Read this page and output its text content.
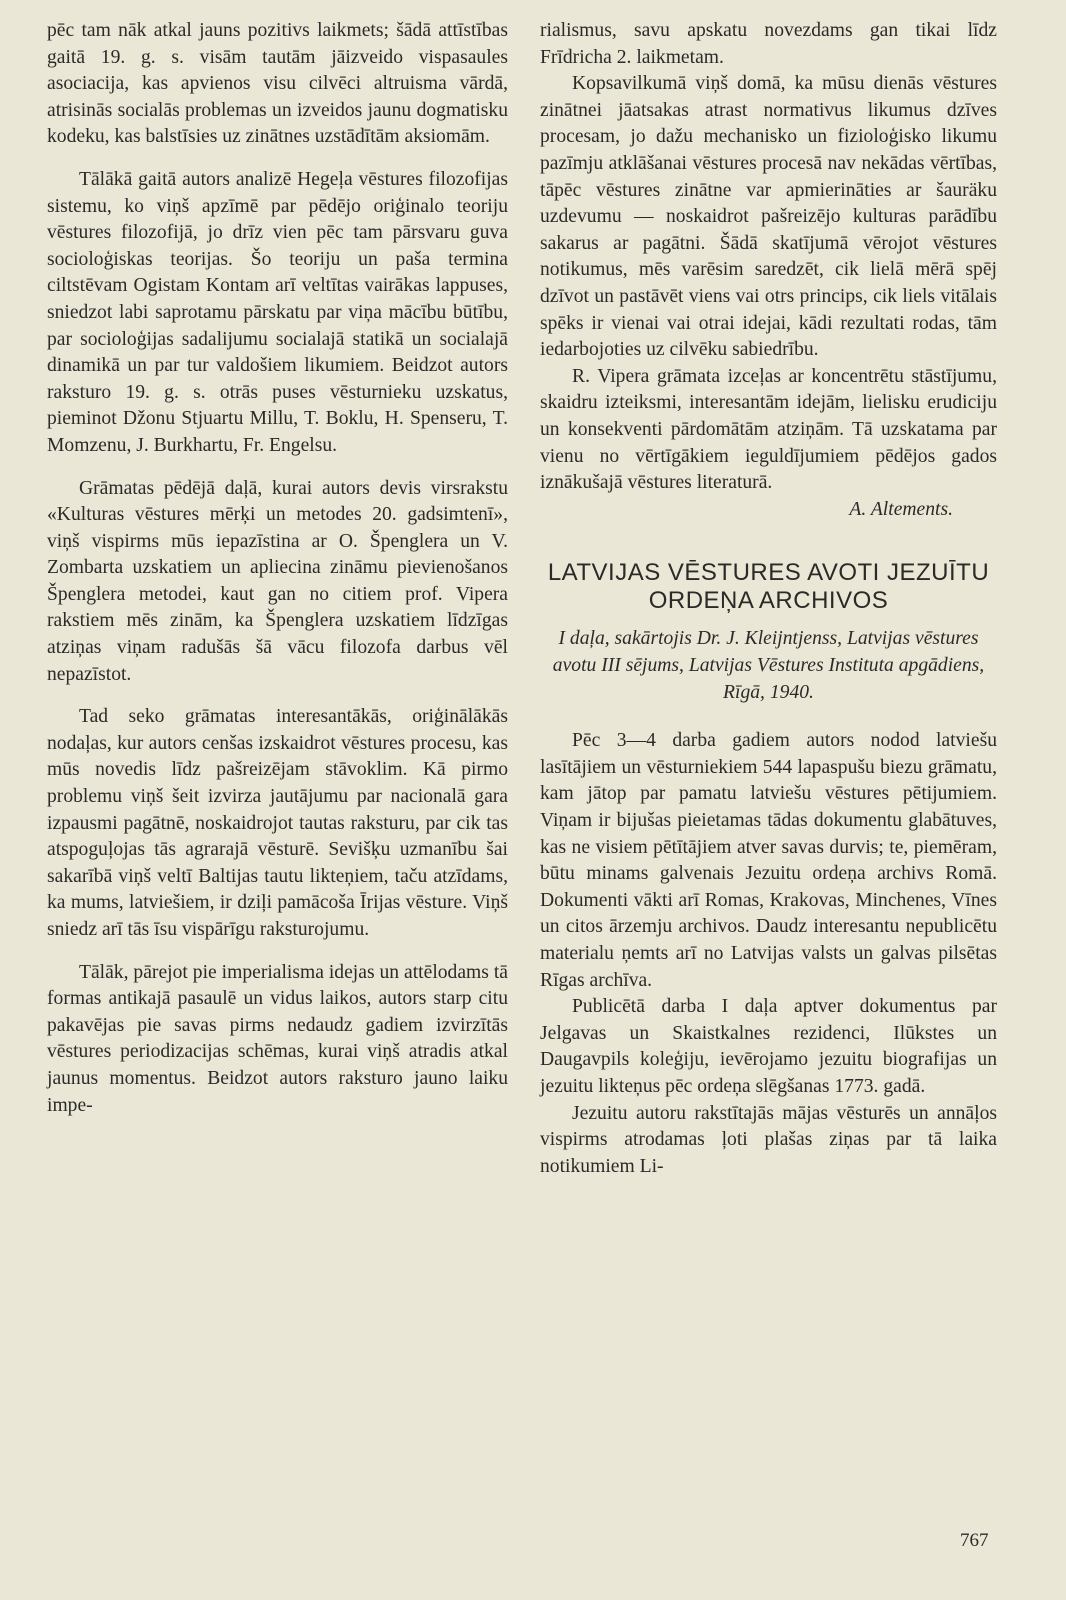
pēc tam nāk atkal jauns pozitivs laikmets; šādā attīstības gaitā 19. g. s. visām tautām jāizveido vispasaules asociacija, kas apvienos visu cilvēci altruisma vārdā, atrisinās socialās problemas un izveidos jaunu dogmatisku kodeku, kas balstīsies uz zinātnes uzstādītām aksiomām.

Tālākā gaitā autors analizē Hegeļa vēstures filozofijas sistemu, ko viņš apzīmē par pēdējo oriģinalo teoriju vēstures filozofijā, jo drīz vien pēc tam pārsvaru guva socioloģiskas teorijas. Šo teoriju un paša termina ciltstēvam Ogistam Kontam arī veltītas vairākas lappuses, sniedzot labi saprotamu pārskatu par viņa mācību būtību, par socioloģijas sadalijumu socialajā statikā un socialajā dinamikā un par tur valdošiem likumiem. Beidzot autors raksturo 19. g. s. otrās puses vēsturnieku uzskatus, pieminot Džonu Stjuartu Millu, T. Boklu, H. Spenseru, T. Momzenu, J. Burkhartu, Fr. Engelsu.

Grāmatas pēdējā daļā, kurai autors devis virsrakstu «Kulturas vēstures mērķi un metodes 20. gadsimtenī», viņš vispirms mūs iepazīstina ar O. Špenglera un V. Zombarta uzskatiem un apliecina zināmu pievienošanos Špenglera metodei, kaut gan no citiem prof. Vipera rakstiem mēs zinām, ka Špenglera uzskatiem līdzīgas atziņas viņam radušās šā vācu filozofa darbus vēl nepazīstot.

Tad seko grāmatas interesantākās, oriģinālākās nodaļas, kur autors cenšas izskaidrot vēstures procesu, kas mūs novedis līdz pašreizējam stāvoklim. Kā pirmo problemu viņš šeit izvirza jautājumu par nacionalā gara izpausmi pagātnē, noskaidrojot tautas raksturu, par cik tas atspoguļojas tās agrarajā vēsturē. Sevišķu uzmanību šai sakarībā viņš veltī Baltijas tautu likteņiem, taču atzīdams, ka mums, latviešiem, ir dziļi pamācoša Īrijas vēsture. Viņš sniedz arī tās īsu vispārīgu raksturojumu.

Tālāk, pārejot pie imperialisma idejas un attēlodams tā formas antikajā pasaulē un vidus laikos, autors starp citu pakavējas pie savas pirms nedaudz gadiem izvirzītās vēstures periodizacijas schēmas, kurai viņš atradis atkal jaunus momentus. Beidzot autors raksturo jauno laiku impe-

rialismus, savu apskatu novezdams gan tikai līdz Frīdricha 2. laikmetam.

Kopsavilkumā viņš domā, ka mūsu dienās vēstures zinātnei jāatsakas atrast normativus likumus dzīves procesam, jo dažu mechanisko un fizioloģisko likumu pazīmju atklāšanai vēstures procesā nav nekādas vērtības, tāpēc vēstures zinātne var apmierināties ar šauräku uzdevumu — noskaidrot pašreizējo kulturas parādību sakarus ar pagātni. Šādā skatījumā vērojot vēstures notikumus, mēs varēsim saredzēt, cik lielā mērā spēj dzīvot un pastāvēt viens vai otrs princips, cik liels vitālais spēks ir vienai vai otrai idejai, kādi rezultati rodas, tām iedarbojoties uz cilvēku sabiedrību.

R. Vipera grāmata izceļas ar koncentrētu stāstījumu, skaidru izteiksmi, interesantām idejām, lielisku erudiciju un konsekventi pārdomātām atziņām. Tā uzskatama par vienu no vērtīgākiem ieguldījumiem pēdējos gados iznākušajā vēstures literaturā.

A. Altements.

LATVIJAS VĒSTURES AVOTI JEZUĪTU ORDEŅA ARCHIVOS
I daļa, sakārtojis Dr. J. Kleijntjenss, Latvijas vēstures avotu III sējums, Latvijas Vēstures Instituta apgādiens, Rīgā, 1940.

Pēc 3—4 darba gadiem autors nodod latviešu lasītājiem un vēsturniekiem 544 lapaspušu biezu grāmatu, kam jātop par pamatu latviešu vēstures pētijumiem. Viņam ir bijušas pieietamas tādas dokumentu glabātuves, kas ne visiem pētītājiem atver savas durvis; te, piemēram, būtu minams galvenais Jezuitu ordeņa archivs Romā. Dokumenti vākti arī Romas, Krakovas, Minchenes, Vīnes un citos ārzemju archivos. Daudz interesantu nepublicētu materialu ņemts arī no Latvijas valsts un galvas pilsētas Rīgas archīva.

Publicētā darba I daļa aptver dokumentus par Jelgavas un Skaistkalnes rezidenci, Ilūkstes un Daugavpils koleģiju, ievērojamo jezuitu biografijas un jezuitu likteņus pēc ordeņa slēgšanas 1773. gadā.

Jezuitu autoru rakstītajās mājas vēsturēs un annāļos vispirms atrodamas ļoti plašas ziņas par tā laika notikumiem Li-

767
